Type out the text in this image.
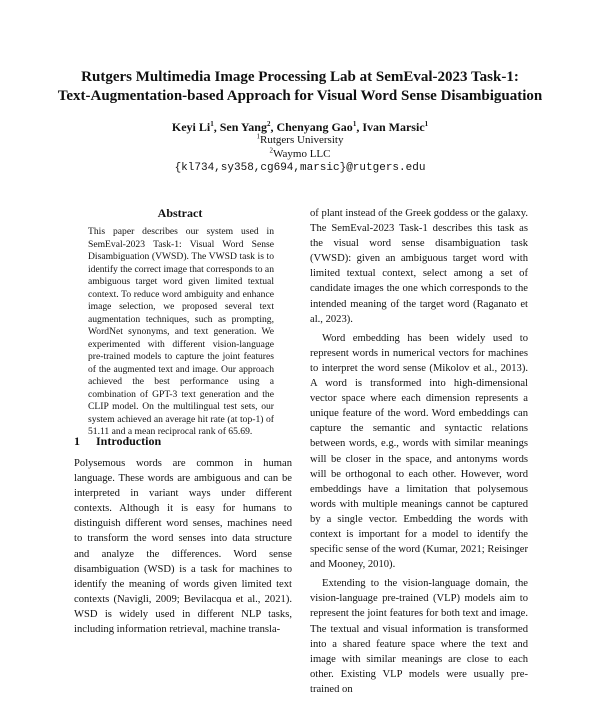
Rutgers Multimedia Image Processing Lab at SemEval-2023 Task-1:
Text-Augmentation-based Approach for Visual Word Sense Disambiguation
Keyi Li$^1$, Sen Yang$^2$, Chenyang Gao$^1$, Ivan Marsic$^1$
$^1$Rutgers University
$^2$Waymo LLC
{kl734,sy358,cg694,marsic}@rutgers.edu
Abstract
This paper describes our system used in SemEval-2023 Task-1: Visual Word Sense Disambiguation (VWSD). The VWSD task is to identify the correct image that corresponds to an ambiguous target word given limited textual context. To reduce word ambiguity and enhance image selection, we proposed several text augmentation techniques, such as prompting, WordNet synonyms, and text generation. We experimented with different vision-language pre-trained models to capture the joint features of the augmented text and image. Our approach achieved the best performance using a combination of GPT-3 text generation and the CLIP model. On the multilingual test sets, our system achieved an average hit rate (at top-1) of 51.11 and a mean reciprocal rank of 65.69.
1 Introduction

Polysemous words are common in human language. These words are ambiguous and can be interpreted in variant ways under different contexts. Although it is easy for humans to distinguish different word senses, machines need to transform the word senses into data structure and analyze the differences. Word sense disambiguation (WSD) is a task for machines to identify the meaning of words given limited text contexts (Navigli, 2009; Bevilacqua et al., 2021). WSD is widely used in different NLP tasks, including information retrieval, machine transla-

of plant instead of the Greek goddess or the galaxy. The SemEval-2023 Task-1 describes this task as the visual word sense disambiguation task (VWSD): given an ambiguous target word with limited textual context, select among a set of candidate images the one which corresponds to the intended meaning of the target word (Raganato et al., 2023).

Word embedding has been widely used to represent words in numerical vectors for machines to interpret the word sense (Mikolov et al., 2013). A word is transformed into high-dimensional vector space where each dimension represents a unique feature of the word. Word embeddings can capture the semantic and syntactic relations between words, e.g., words with similar meanings will be closer in the space, and antonyms words will be orthogonal to each other. However, word embeddings have a limitation that polysemous words with multiple meanings cannot be captured by a single vector. Embedding the words with context is important for a model to identify the specific sense of the word (Kumar, 2021; Reisinger and Mooney, 2010).

Extending to the vision-language domain, the vision-language pre-trained (VLP) models aim to represent the joint features for both text and image. The textual and visual information is transformed into a shared feature space where the text and image with similar meanings are close to each other. Existing VLP models were usually pre-trained on
